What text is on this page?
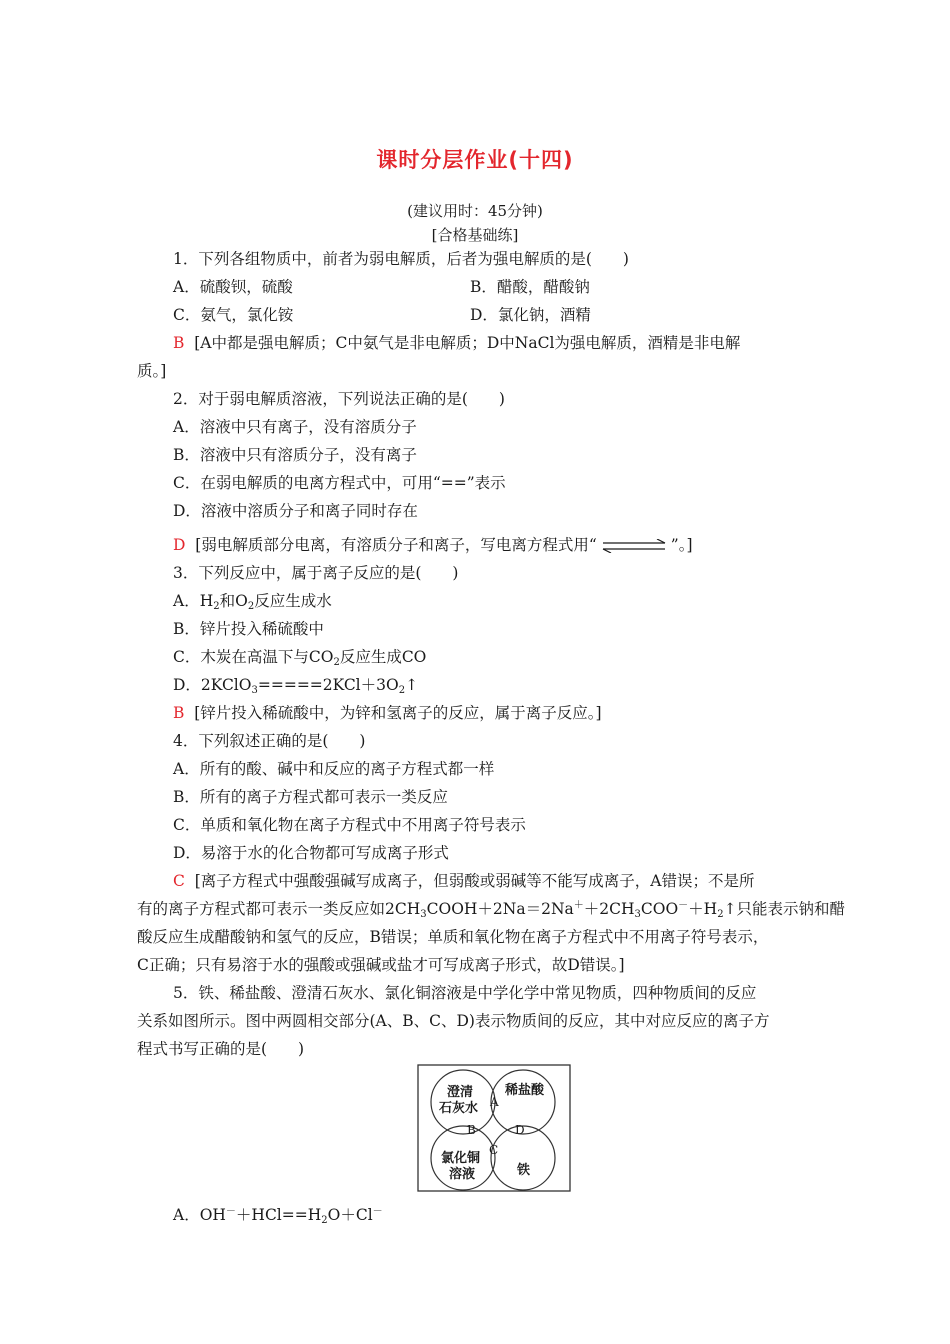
课时分层作业(十四)
(建议用时：45分钟)
[合格基础练]
1．下列各组物质中，前者为弱电解质，后者为强电解质的是(　　)
A．硫酸钡，硫酸	B．醋酸，醋酸钠
C．氨气，氯化铵	D．氯化钠，酒精
B [A中都是强电解质；C中氨气是非电解质；D中NaCl为强电解质，酒精是非电解
质。]
2．对于弱电解质溶液，下列说法正确的是(　　)
A．溶液中只有离子，没有溶质分子
B．溶液中只有溶质分子，没有离子
C．在弱电解质的电离方程式中，可用“==”表示
D．溶液中溶质分子和离子同时存在
D [弱电解质部分电离，有溶质分子和离子，写电离方程式用“	”。]
3．下列反应中，属于离子反应的是(　　)
A．$H_2$和$O_2$反应生成水
B．锌片投入稀硫酸中
C．木炭在高温下与$CO_2$反应生成CO
D．$2KClO_3=====2KCl+3O_2↑$
B [锌片投入稀硫酸中，为锌和氢离子的反应，属于离子反应。]
4．下列叙述正确的是(　　)
A．所有的酸、碱中和反应的离子方程式都一样
B．所有的离子方程式都可表示一类反应
C．单质和氧化物在离子方程式中不用离子符号表示
D．易溶于水的化合物都可写成离子形式
C [离子方程式中强酸强碱写成离子，但弱酸或弱碱等不能写成离子，A错误；不是所
有的离子方程式都可表示一类反应如$2CH_3COOH+2Na=2Na^++2CH_3COO^-+H_2↑$只能表示钠和醋
酸反应生成醋酸钠和氢气的反应，B错误；单质和氧化物在离子方程式中不用离子符号表示，
C正确；只有易溶于水的强酸或强碱或盐才可写成离子形式，故D错误。]
5．铁、稀盐酸、澄清石灰水、氯化铜溶液是中学化学中常见物质，四种物质间的反应
关系如图所示。图中两圆相交部分(A、B、C、D)表示物质间的反应，其中对应反应的离子方
程式书写正确的是(　　)
澄清
石灰水
稀盐酸
氯化铜
溶液	铁
A
B
C
D
A．$OH^-+HCl==H_2O+Cl^-$
